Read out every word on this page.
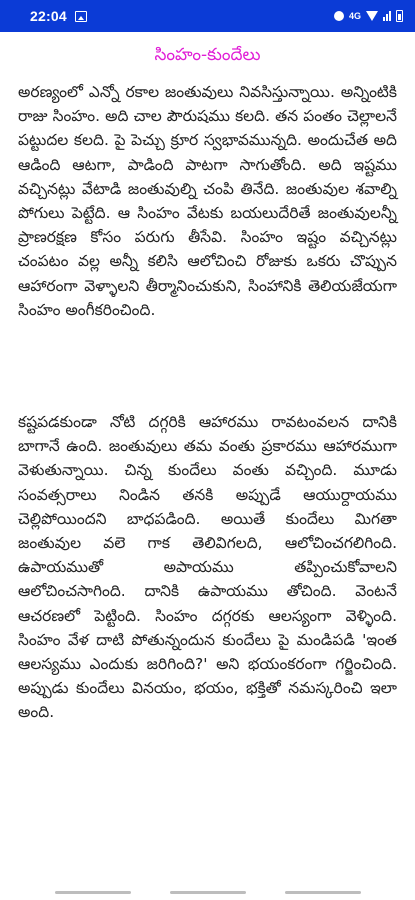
22:04	4G
సింహం-కుందేలు

అరణ్యంలో ఎన్నో రకాల జంతువులు నివసిస్తున్నాయి. అన్నింటికి రాజు సింహం. అది చాల పౌరుషము కలది. తన పంతం చెల్లాలనే పట్టుదల కలది. పై పెచ్చు క్రూర స్వభావమున్నది. అందుచేత అది ఆడింది ఆటగా, పాడింది పాటగా సాగుతోంది. అది ఇష్టము వచ్చినట్లు వేటాడి జంతువుల్ని చంపి తినేది. జంతువుల శవాల్ని పోగులు పెట్టేది. ఆ సింహం వేటకు బయలుదేరితే జంతువులన్నీ ప్రాణరక్షణ కోసం పరుగు తీసేవి. సింహం ఇష్టం వచ్చినట్లు చంపటం వల్ల అన్నీ కలిసి ఆలోచించి రోజుకు ఒకరు చొప్పున ఆహారంగా వెళ్ళాలని తీర్మానించుకుని, సింహానికి తెలియజేయగా సింహం అంగీకరించింది.

కష్టపడకుండా నోటి దగ్గరికి ఆహారము రావటంవలన దానికి బాగానే ఉంది. జంతువులు తమ వంతు ప్రకారము ఆహారముగా వెళుతున్నాయి. చిన్న కుందేలు వంతు వచ్చింది. మూడు సంవత్సరాలు నిండిన తనకి అప్పుడే ఆయుర్దాయము చెల్లిపోయిందని బాధపడింది. అయితే కుందేలు మిగతా జంతువుల వలె గాక తెలివిగలది, ఆలోచించగలిగింది. ఉపాయముతో అపాయము తప్పించుకోవాలని ఆలోచించసాగింది. దానికి ఉపాయము తోచింది. వెంటనే ఆచరణలో పెట్టింది. సింహం దగ్గరకు ఆలస్యంగా వెళ్ళింది. సింహం వేళ దాటి పోతున్నందున కుందేలు పై మండిపడి 'ఇంత ఆలస్యము ఎందుకు జరిగింది?' అని భయంకరంగా గర్జించింది. అప్పుడు కుందేలు వినయం, భయం, భక్తితో నమస్కరించి ఇలా అంది.
